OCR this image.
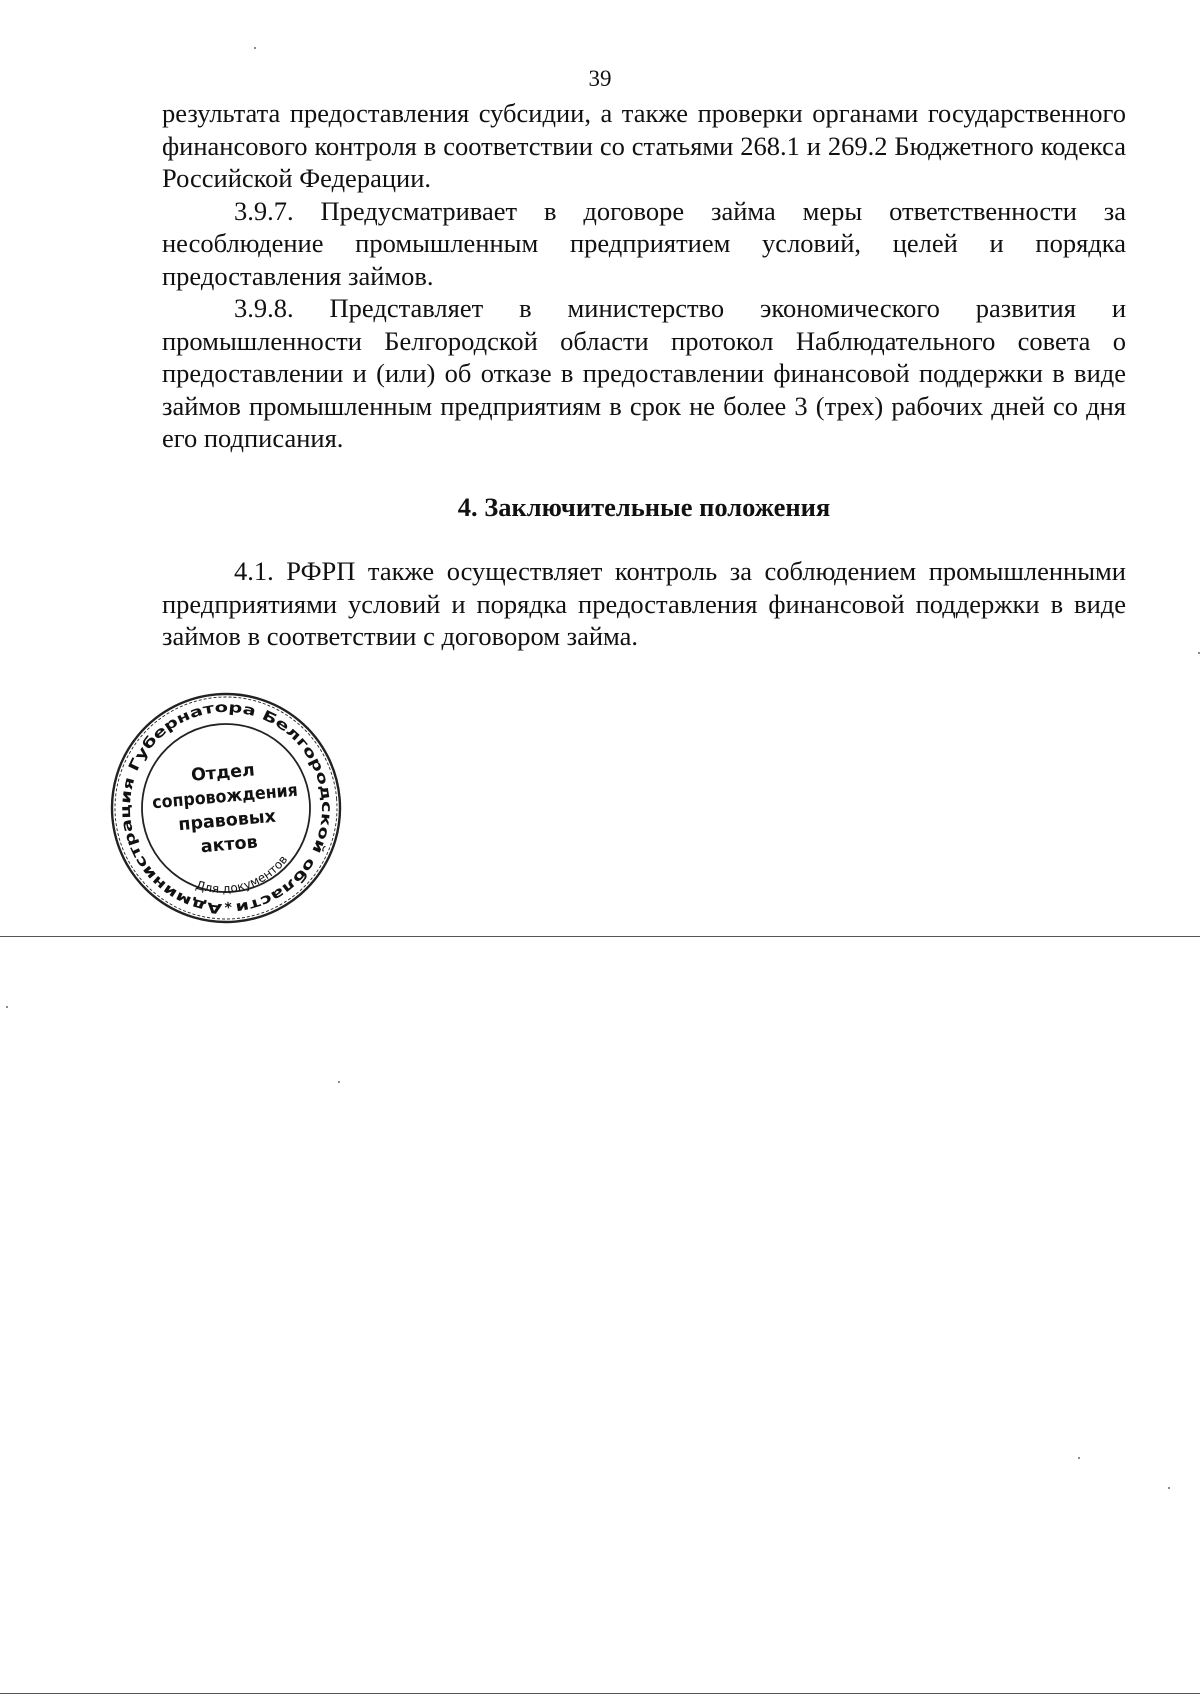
39

результата предоставления субсидии, а также проверки органами государственного финансового контроля в соответствии со статьями 268.1 и 269.2 Бюджетного кодекса Российской Федерации.

3.9.7. Предусматривает в договоре займа меры ответственности за несоблюдение промышленным предприятием условий, целей и порядка предоставления займов.

3.9.8. Представляет в министерство экономического развития и промышленности Белгородской области протокол Наблюдательного совета о предоставлении и (или) об отказе в предоставлении финансовой поддержки в виде займов промышленным предприятиям в срок не более 3 (трех) рабочих дней со дня его подписания.

4. Заключительные положения

4.1. РФРП также осуществляет контроль за соблюдением промышленными предприятиями условий и порядка предоставления финансовой поддержки в виде займов в соответствии с договором займа.

Администрация Губернатора Белгородской области
Для документов
Отдел
сопровождения
правовых
актов
*
